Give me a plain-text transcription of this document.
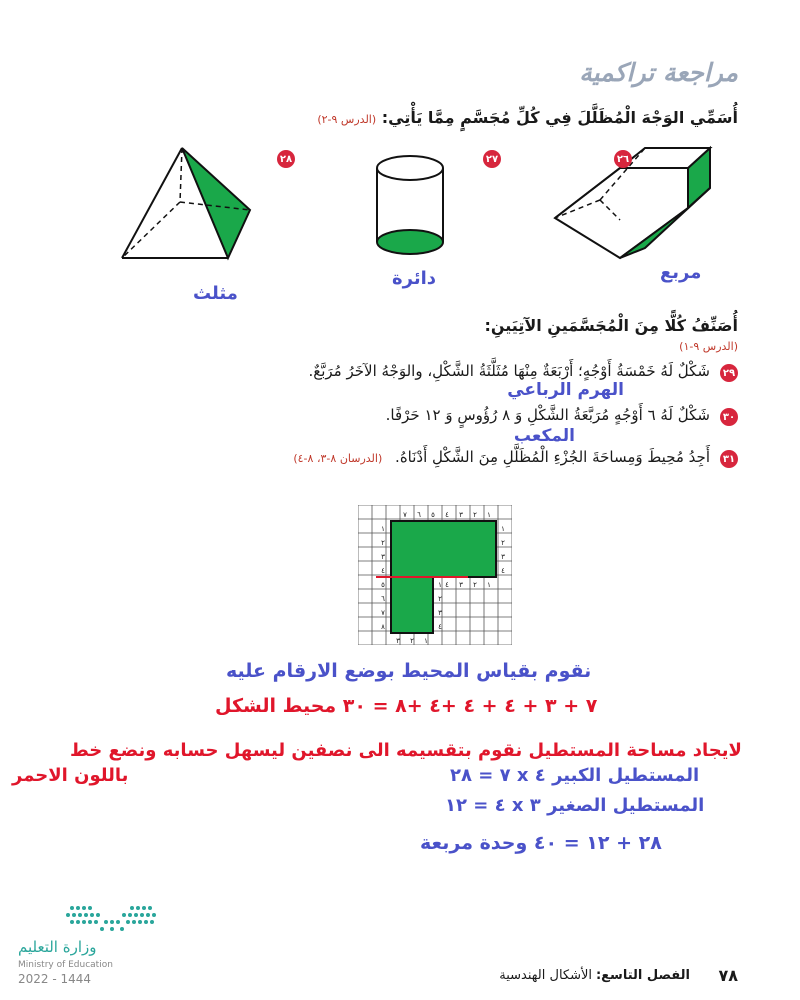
مراجعة تراكمية
أُسَمِّي الوَجْهَ الْمُظَلَّلَ فِي كُلِّ مُجَسَّمٍ مِمَّا يَأْتِي: (الدرس ٩-٢)
٢٦
٢٧
٢٨
مربع
دائرة
مثلث
أُصَنِّفُ كُلًّا مِنَ الْمُجَسَّمَينِ الآتِيَينِ:
(الدرس ٩-١)
٢٩
شَكْلٌ لَهُ خَمْسَةُ أَوْجُهٍ؛ أَرْبَعَةٌ مِنْهَا مُثَلَّثَةُ الشَّكْلِ، والوَجْهُ الآخَرُ مُرَبَّعٌ.
الهرم الرباعي
٣٠
شَكْلٌ لَهُ ٦ أَوْجُهٍ مُرَبَّعَةُ الشَّكْلِ وَ ٨ رُؤُوسٍ وَ ١٢ حَرْفًا.
المكعب
٣١
أَجِدُ مُحِيطَ وَمِساحَةَ الجُزْءِ الْمُظَلَّلِ مِنَ الشَّكْلِ أَدْنَاهُ. (الدرسان ٨-٣، ٨-٤)
١
٢
٣
٤
٥
٦
٧
١
٢
٣
٤
٥
٦
٧
٨
١
٢
٣
٤
١
٢
٣
٤
١
٢
٣
٤
١
٢
٣
نقوم بقياس المحيط بوضع الارقام عليه
٧ + ٣ + ٤ + ٤ +٤ +٨ = ٣٠ محيط الشكل
لايجاد مساحة المستطيل نقوم بتقسيمه الى نصفين ليسهل حسابه ونضع خط
باللون الاحمر	المستطيل الكبير ٤ x ٧ = ٢٨
المستطيل الصغير ٣ x ٤ = ١٢
٢٨ + ١٢ = ٤٠ وحدة مربعة
وزارة التعليم
Ministry of Education
2022 - 1444	٧٨
الفصل التاسع:
الأشكال الهندسية
